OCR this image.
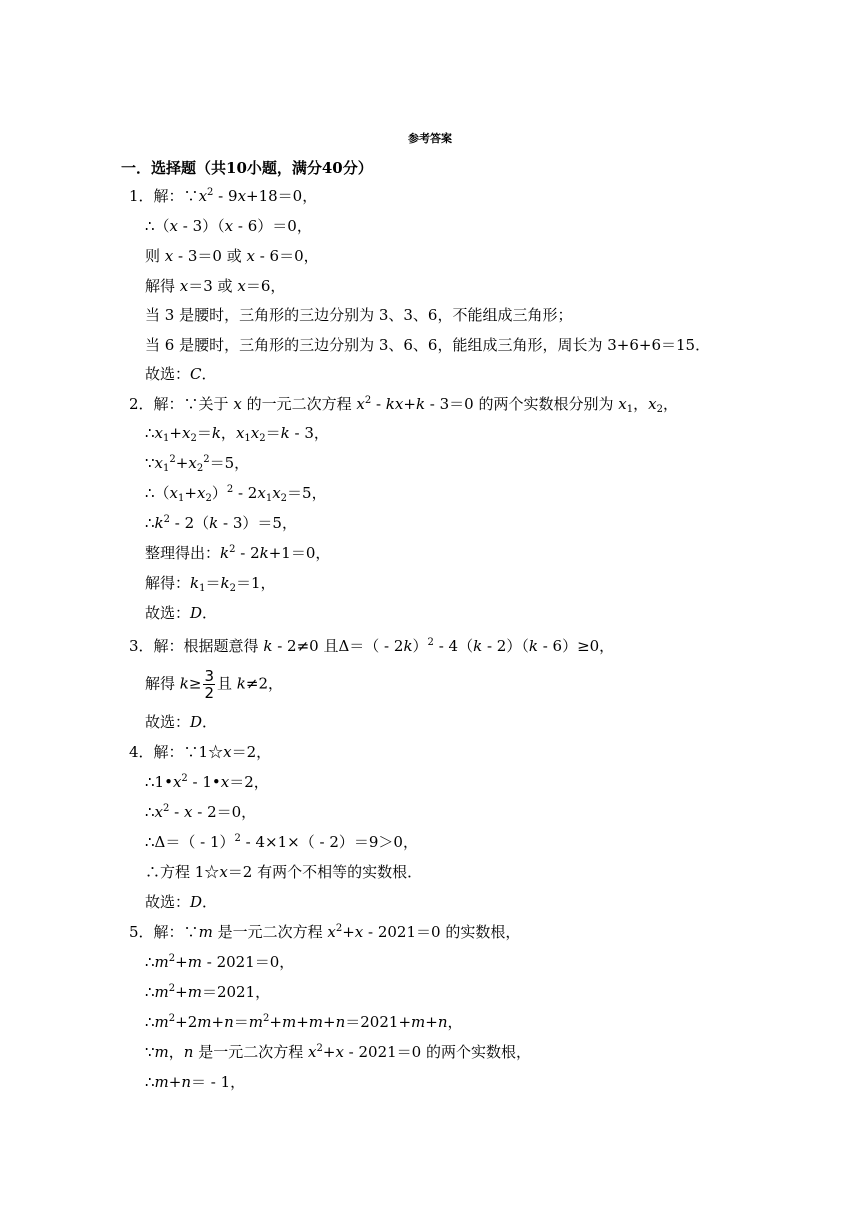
参考答案
一．选择题（共10小题，满分40分）
1．解：$\because x^2 - 9x+18=0$，
∴（x - 3）（x - 6）＝0，
则 x - 3＝0 或 x - 6＝0，
解得 x＝3 或 x＝6，
当 3 是腰时，三角形的三边分别为 3、3、6，不能组成三角形；
当 6 是腰时，三角形的三边分别为 3、6、6，能组成三角形，周长为 3+6+6＝15．
故选：C．
2．解：∵关于 x 的一元二次方程 $x^2 - kx+k - 3=0$ 的两个实数根分别为 $x_1$，$x_2$，
$\therefore x_1+x_2=k$，$x_1x_2=k - 3$，
$\because x_1^2+x_2^2=5$，
$\therefore(x_1+x_2)^2 - 2x_1x_2=5$，
$\therefore k^2 - 2(k - 3)=5$，
整理得出：$k^2 - 2k+1=0$，
解得：$k_1=k_2=1$，
故选：D．
3．解：根据题意得 k - 2≠0 且Δ＝（ - 2k）$^2$ - 4（k - 2）（k - 6）≥0，
解得 $k\ge \frac{3}{2}$ 且 k≠2，
故选：D．
4．解：∵1☆x＝2，
$\therefore 1•x^2$ - 1•x＝2，
$\therefore x^2 - x - 2=0$，
∴Δ＝（ - 1）$^2$ - 4×1×（ - 2）＝9＞0，
∴方程 1☆x＝2 有两个不相等的实数根．
故选：D．
5．解：∵m 是一元二次方程 $x^2+x - 2021=0$ 的实数根，
$\therefore m^2+m - 2021=0$，
$\therefore m^2+m=2021$，
$\therefore m^2+2m+n=m^2+m+m+n=2021+m+n$，
∵m，n 是一元二次方程 $x^2+x - 2021=0$ 的两个实数根，
∴m+n＝ - 1，
